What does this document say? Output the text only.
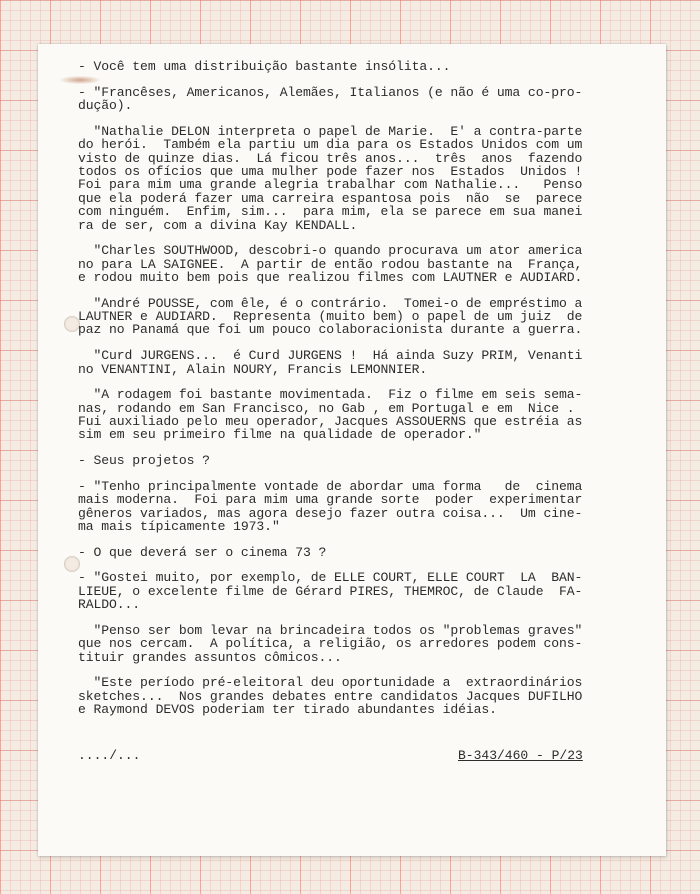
- Você tem uma distribuição bastante insólita...
- "Francêses, Americanos, Alemães, Italianos (e não é uma co-pro-
dução).
"Nathalie DELON interpreta o papel de Marie.  E' a contra-parte
do herói.  Também ela partiu um dia para os Estados Unidos com um
visto de quinze dias.  Lá ficou três anos...  três  anos  fazendo
todos os ofícios que uma mulher pode fazer nos  Estados  Unidos !
Foi para mim uma grande alegria trabalhar com Nathalie...   Penso
que ela poderá fazer uma carreira espantosa pois  não  se  parece
com ninguém.  Enfim, sim...  para mim, ela se parece em sua manei
ra de ser, com a divina Kay KENDALL.
"Charles SOUTHWOOD, descobri-o quando procurava um ator america
no para LA SAIGNEE.  A partir de então rodou bastante na  França,
e rodou muito bem pois que realizou filmes com LAUTNER e AUDIARD.
"André POUSSE, com êle, é o contrário.  Tomei-o de empréstimo a
LAUTNER e AUDIARD.  Representa (muito bem) o papel de um juiz  de
paz no Panamá que foi um pouco colaboracionista durante a guerra.
"Curd JURGENS...  é Curd JURGENS !  Há ainda Suzy PRIM, Venanti
no VENANTINI, Alain NOURY, Francis LEMONNIER.
"A rodagem foi bastante movimentada.  Fiz o filme em seis sema-
nas, rodando em San Francisco, no Gab , em Portugal e em  Nice .
Fui auxiliado pelo meu operador, Jacques ASSOUERNS que estréia as
sim em seu primeiro filme na qualidade de operador."
- Seus projetos ?
- "Tenho principalmente vontade de abordar uma forma   de  cinema
mais moderna.  Foi para mim uma grande sorte  poder  experimentar
gêneros variados, mas agora desejo fazer outra coisa...  Um cine-
ma mais típicamente 1973."
- O que deverá ser o cinema 73 ?
- "Gostei muito, por exemplo, de ELLE COURT, ELLE COURT  LA  BAN-
LIEUE, o excelente filme de Gérard PIRES, THEMROC, de Claude  FA-
RALDO...
"Penso ser bom levar na brincadeira todos os "problemas graves"
que nos cercam.  A política, a religião, os arredores podem cons-
tituir grandes assuntos cômicos...
"Este período pré-eleitoral deu oportunidade a  extraordinários
sketches...  Nos grandes debates entre candidatos Jacques DUFILHO
e Raymond DEVOS poderiam ter tirado abundantes idéias.
..../...	B-343/460 - P/23
